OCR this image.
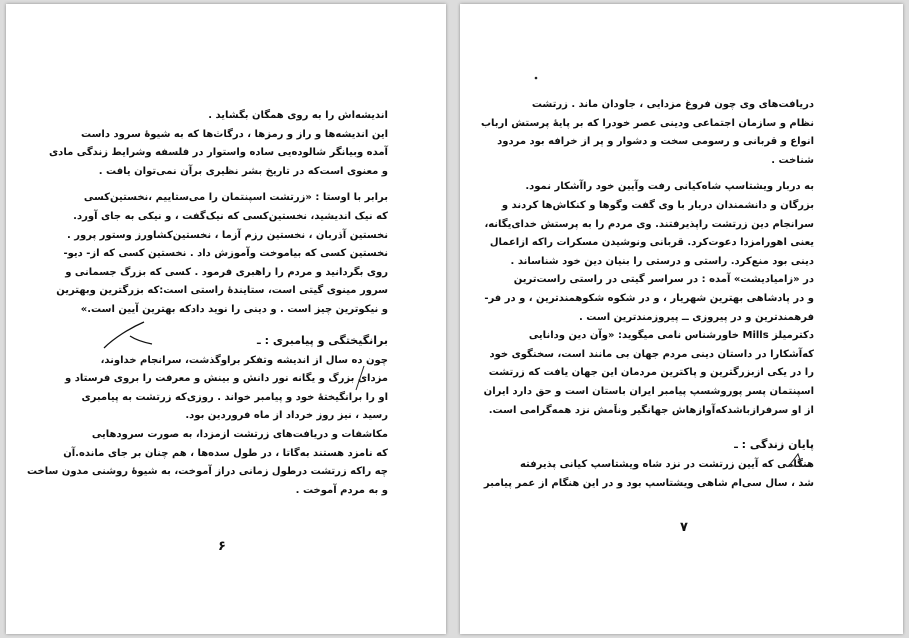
اندیشه‌اش را به روی همگان بگشاید .
این اندیشه‌ها و راز و رمزها ، درگاث‌ها که به شیوهٔ سرود‌ داست
آمده وبیانگر شالوده‌یی ساده واستوار در فلسفه وشرایط زندگی مادی
و معنوی است‌که در تاریخ بشر نظیری برآن نمی‌توان یافت .
برابر با اوستا : «زرتشت اسپنتمان را می‌ستاییم ،نخستین‌کسی
که نیک اندیشید، نخستین‌کسی که نیک‌گفت ، و نیکی به جای آورد.
نخستین آذربان ، نخستین رزم آزما ، نخستین‌کشاورز وستور پرور .
نخستین کسی که بیاموخت وآموزش داد . نخستین کسی که از- دیو-
روی بگردانید و مردم را راهبری فرمود . کسی که بزرگ جسمانی و
سرور مینوی گیتی است، ستایندهٔ راستی است:که بزرگترین وبهترین
و نیکوترین چیز است . و دینی را نوید دادکه بهترین آیین است.»
برانگیختگی و پیامبری : ـ
چون ده سال از اندیشه وتفکر براوگذشت، سرانجام خداوند،
مزدای بزرگ و یگانه نور دانش و بینش و معرفت را بروی فرستاد و
او را برانگیختهٔ خود و پیامبر خواند . روزی‌که زرتشت به پیامبری
رسید ، نیز روز خرداد از ماه فروردین بود.
مکاشفات و دریافت‌های زرتشت ازمزدا، به صورت سرودهایی
که نامزد هستند به‌گاتا ، در طول سده‌ها ، هم چنان بر جای مانده.آن
چه راکه زرتشت درطول زمانی دراز آموخت، به شیوهٔ روشنی مدون ساخت
و به مردم آموخت .
۶
دریافت‌های وی چون فروغ مزدایی ، جاودان ماند . زرتشت
نظام و سازمان اجتماعی ودینی عصر خودرا که بر پایهٔ پرستش ارباب
انواع و قربانی و رسومی سخت و دشوار و پر از خرافه بود مردود
شناخت .
به دربار ویشتاسپ شاه‌کیانی رفت وآیین خود راآشکار نمود.
بزرگان و دانشمندان دربار با وی گفت وگوها و کنکاش‌ها کردند و
سرانجام دین زرتشت راپذیرفتند. وی مردم را به پرستش خدای‌یگانه،
یعنی اهورامزدا دعوت‌کرد. قربانی ونوشیدن مسکرات راکه ازاعمال
دینی بود منع‌کرد. راستی و درستی را بنیان دین خود شناساند .
در «زامیادیشت» آمده : در سراسر گیتی در راستی راست‌ترین
و در پادشاهی بهترین شهریار ، و در شکوه شکوهمندترین ، و در فر-
فرهمندترین و در پیروزی ــ پیروزمندترین است .
دکترمیلز Mills خاورشناس نامی میگوید: «وآن دین ودانایی
که‌آشکارا در داستان دینی مردم جهان بی مانند است، سخنگوی خود
را در یکی ازبزرگترین و پاکترین مردمان این جهان یافت که زرتشت
اسپنتمان پسر پوروشسپ پیامبر ایران باستان است و حق دارد ایران
از او سرفرازباشدکه‌آوازهاش جهانگیر وناَمش نزد همه‌گرامی است.
پایان زندگی : ـ
هنگامی که آیین زرتشت در نزد شاه ویشتاسپ کیانی پذیرفته
شد ، سال سی‌ام شاهی ویشتاسپ بود و در این هنگام از عمر پیامبر
۷
